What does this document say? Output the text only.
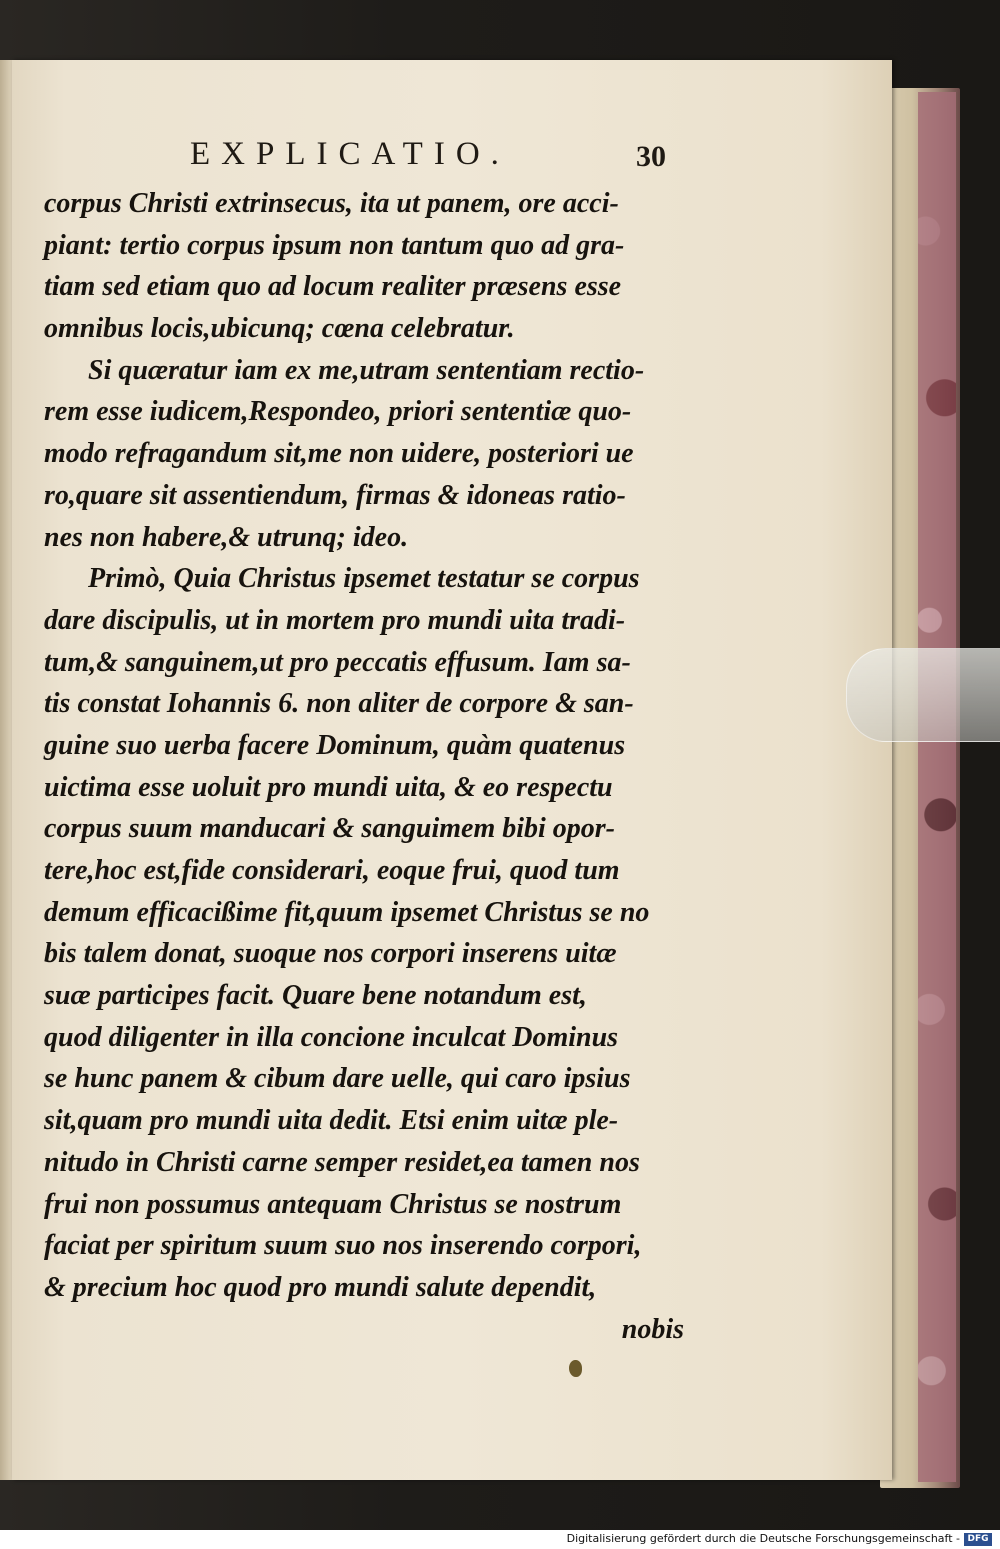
EXPLICATIO.	30
corpus Christi extrinsecus, ita ut panem, ore acci-
piant: tertio corpus ipsum non tantum quo ad gra-
tiam sed etiam quo ad locum realiter præsens esse
omnibus locis,ubicunq; cœna celebratur.
Si quæratur iam ex me,utram sententiam rectio-
rem esse iudicem,Respondeo, priori sententiæ quo-
modo refragandum sit,me non uidere, posteriori ue
ro,quare sit assentiendum, firmas & idoneas ratio-
nes non habere,& utrunq; ideo.
Primò, Quia Christus ipsemet testatur se corpus
dare discipulis, ut in mortem pro mundi uita tradi-
tum,& sanguinem,ut pro peccatis effusum. Iam sa-
tis constat Iohannis 6. non aliter de corpore & san-
guine suo uerba facere Dominum, quàm quatenus
uictima esse uoluit pro mundi uita, & eo respectu
corpus suum manducari & sanguimem bibi opor-
tere,hoc est,fide considerari, eoque frui, quod tum
demum efficacißime fit,quum ipsemet Christus se no
bis talem donat, suoque nos corpori inserens uitæ
suæ participes facit. Quare bene notandum est,
quod diligenter in illa concione inculcat Dominus
se hunc panem & cibum dare uelle, qui caro ipsius
sit,quam pro mundi uita dedit. Etsi enim uitæ ple-
nitudo in Christi carne semper residet,ea tamen nos
frui non possumus antequam Christus se nostrum
faciat per spiritum suum suo nos inserendo corpori,
& precium hoc quod pro mundi salute dependit,
nobis
Digitalisierung gefördert durch die Deutsche Forschungsgemeinschaft - DFG
